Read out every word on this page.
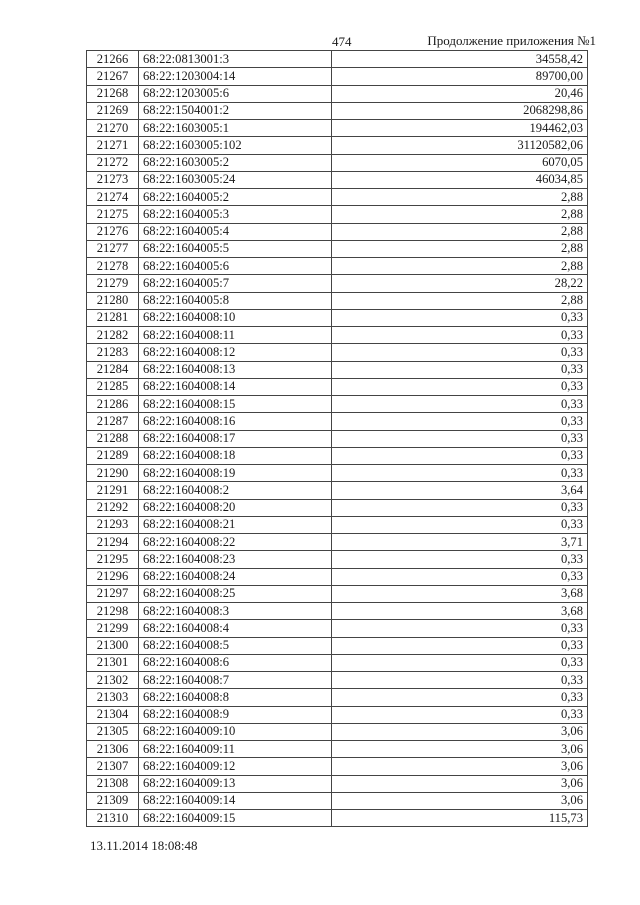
474	Продолжение приложения №1
21266	68:22:0813001:3	34558,42
21267	68:22:1203004:14	89700,00
21268	68:22:1203005:6	20,46
21269	68:22:1504001:2	2068298,86
21270	68:22:1603005:1	194462,03
21271	68:22:1603005:102	31120582,06
21272	68:22:1603005:2	6070,05
21273	68:22:1603005:24	46034,85
21274	68:22:1604005:2	2,88
21275	68:22:1604005:3	2,88
21276	68:22:1604005:4	2,88
21277	68:22:1604005:5	2,88
21278	68:22:1604005:6	2,88
21279	68:22:1604005:7	28,22
21280	68:22:1604005:8	2,88
21281	68:22:1604008:10	0,33
21282	68:22:1604008:11	0,33
21283	68:22:1604008:12	0,33
21284	68:22:1604008:13	0,33
21285	68:22:1604008:14	0,33
21286	68:22:1604008:15	0,33
21287	68:22:1604008:16	0,33
21288	68:22:1604008:17	0,33
21289	68:22:1604008:18	0,33
21290	68:22:1604008:19	0,33
21291	68:22:1604008:2	3,64
21292	68:22:1604008:20	0,33
21293	68:22:1604008:21	0,33
21294	68:22:1604008:22	3,71
21295	68:22:1604008:23	0,33
21296	68:22:1604008:24	0,33
21297	68:22:1604008:25	3,68
21298	68:22:1604008:3	3,68
21299	68:22:1604008:4	0,33
21300	68:22:1604008:5	0,33
21301	68:22:1604008:6	0,33
21302	68:22:1604008:7	0,33
21303	68:22:1604008:8	0,33
21304	68:22:1604008:9	0,33
21305	68:22:1604009:10	3,06
21306	68:22:1604009:11	3,06
21307	68:22:1604009:12	3,06
21308	68:22:1604009:13	3,06
21309	68:22:1604009:14	3,06
21310	68:22:1604009:15	115,73
13.11.2014 18:08:48
